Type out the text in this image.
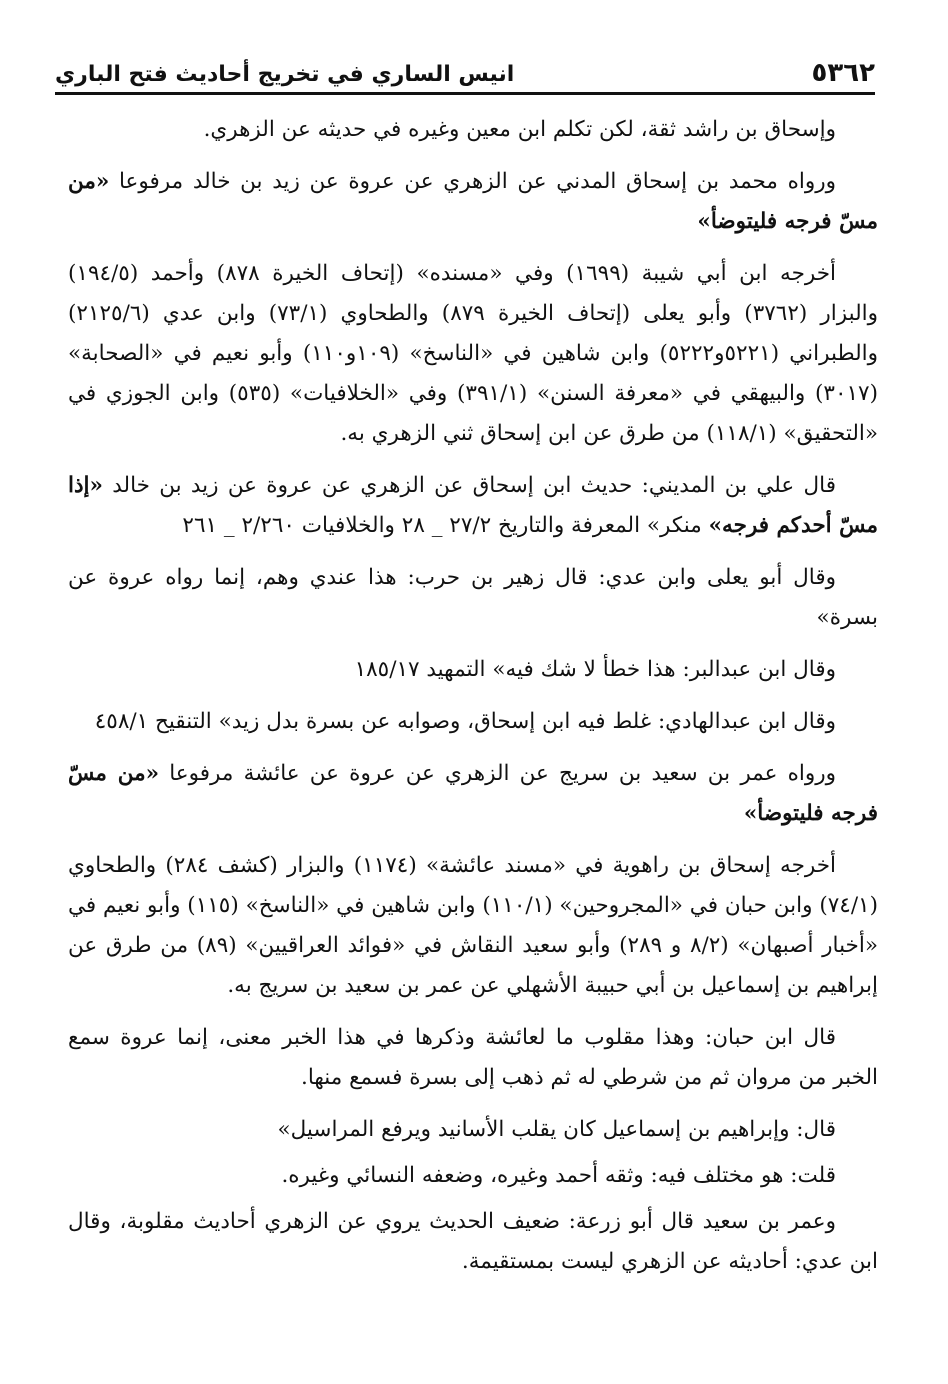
٥٣٦٢
انيس الساري في تخريج أحاديث فتح الباري

وإسحاق بن راشد ثقة، لكن تكلم ابن معين وغيره في حديثه عن الزهري.

ورواه محمد بن إسحاق المدني عن الزهري عن عروة عن زيد بن خالد مرفوعا «من مسّ فرجه فليتوضأ»

أخرجه ابن أبي شيبة (١٦٩٩) وفي «مسنده» (إتحاف الخيرة ٨٧٨) وأحمد (١٩٤/٥) والبزار (٣٧٦٢) وأبو يعلى (إتحاف الخيرة ٨٧٩) والطحاوي (٧٣/١) وابن عدي (٢١٢٥/٦) والطبراني (٥٢٢١و٥٢٢٢) وابن شاهين في «الناسخ» (١٠٩و١١٠) وأبو نعيم في «الصحابة» (٣٠١٧) والبيهقي في «معرفة السنن» (٣٩١/١) وفي «الخلافيات» (٥٣٥) وابن الجوزي في «التحقيق» (١١٨/١) من طرق عن ابن إسحاق ثني الزهري به.

قال علي بن المديني: حديث ابن إسحاق عن الزهري عن عروة عن زيد بن خالد «إذا مسّ أحدكم فرجه» منكر» المعرفة والتاريخ ٢٧/٢ _ ٢٨ والخلافيات ٢/٢٦٠ _ ٢٦١

وقال أبو يعلى وابن عدي: قال زهير بن حرب: هذا عندي وهم، إنما رواه عروة عن بسرة»

وقال ابن عبدالبر: هذا خطأ لا شك فيه» التمهيد ١٨٥/١٧

وقال ابن عبدالهادي: غلط فيه ابن إسحاق، وصوابه عن بسرة بدل زيد» التنقيح ٤٥٨/١

ورواه عمر بن سعيد بن سريج عن الزهري عن عروة عن عائشة مرفوعا «من مسّ فرجه فليتوضأ»

أخرجه إسحاق بن راهوية في «مسند عائشة» (١١٧٤) والبزار (كشف ٢٨٤) والطحاوي (٧٤/١) وابن حبان في «المجروحين» (١١٠/١) وابن شاهين في «الناسخ» (١١٥) وأبو نعيم في «أخبار أصبهان» (٨/٢ و ٢٨٩) وأبو سعيد النقاش في «فوائد العراقيين» (٨٩) من طرق عن إبراهيم بن إسماعيل بن أبي حبيبة الأشهلي عن عمر بن سعيد بن سريج به.

قال ابن حبان: وهذا مقلوب ما لعائشة وذكرها في هذا الخبر معنى، إنما عروة سمع الخبر من مروان ثم من شرطي له ثم ذهب إلى بسرة فسمع منها.

قال: وإبراهيم بن إسماعيل كان يقلب الأسانيد ويرفع المراسيل»

قلت: هو مختلف فيه: وثقه أحمد وغيره، وضعفه النسائي وغيره.

وعمر بن سعيد قال أبو زرعة: ضعيف الحديث يروي عن الزهري أحاديث مقلوبة، وقال ابن عدي: أحاديثه عن الزهري ليست بمستقيمة.
